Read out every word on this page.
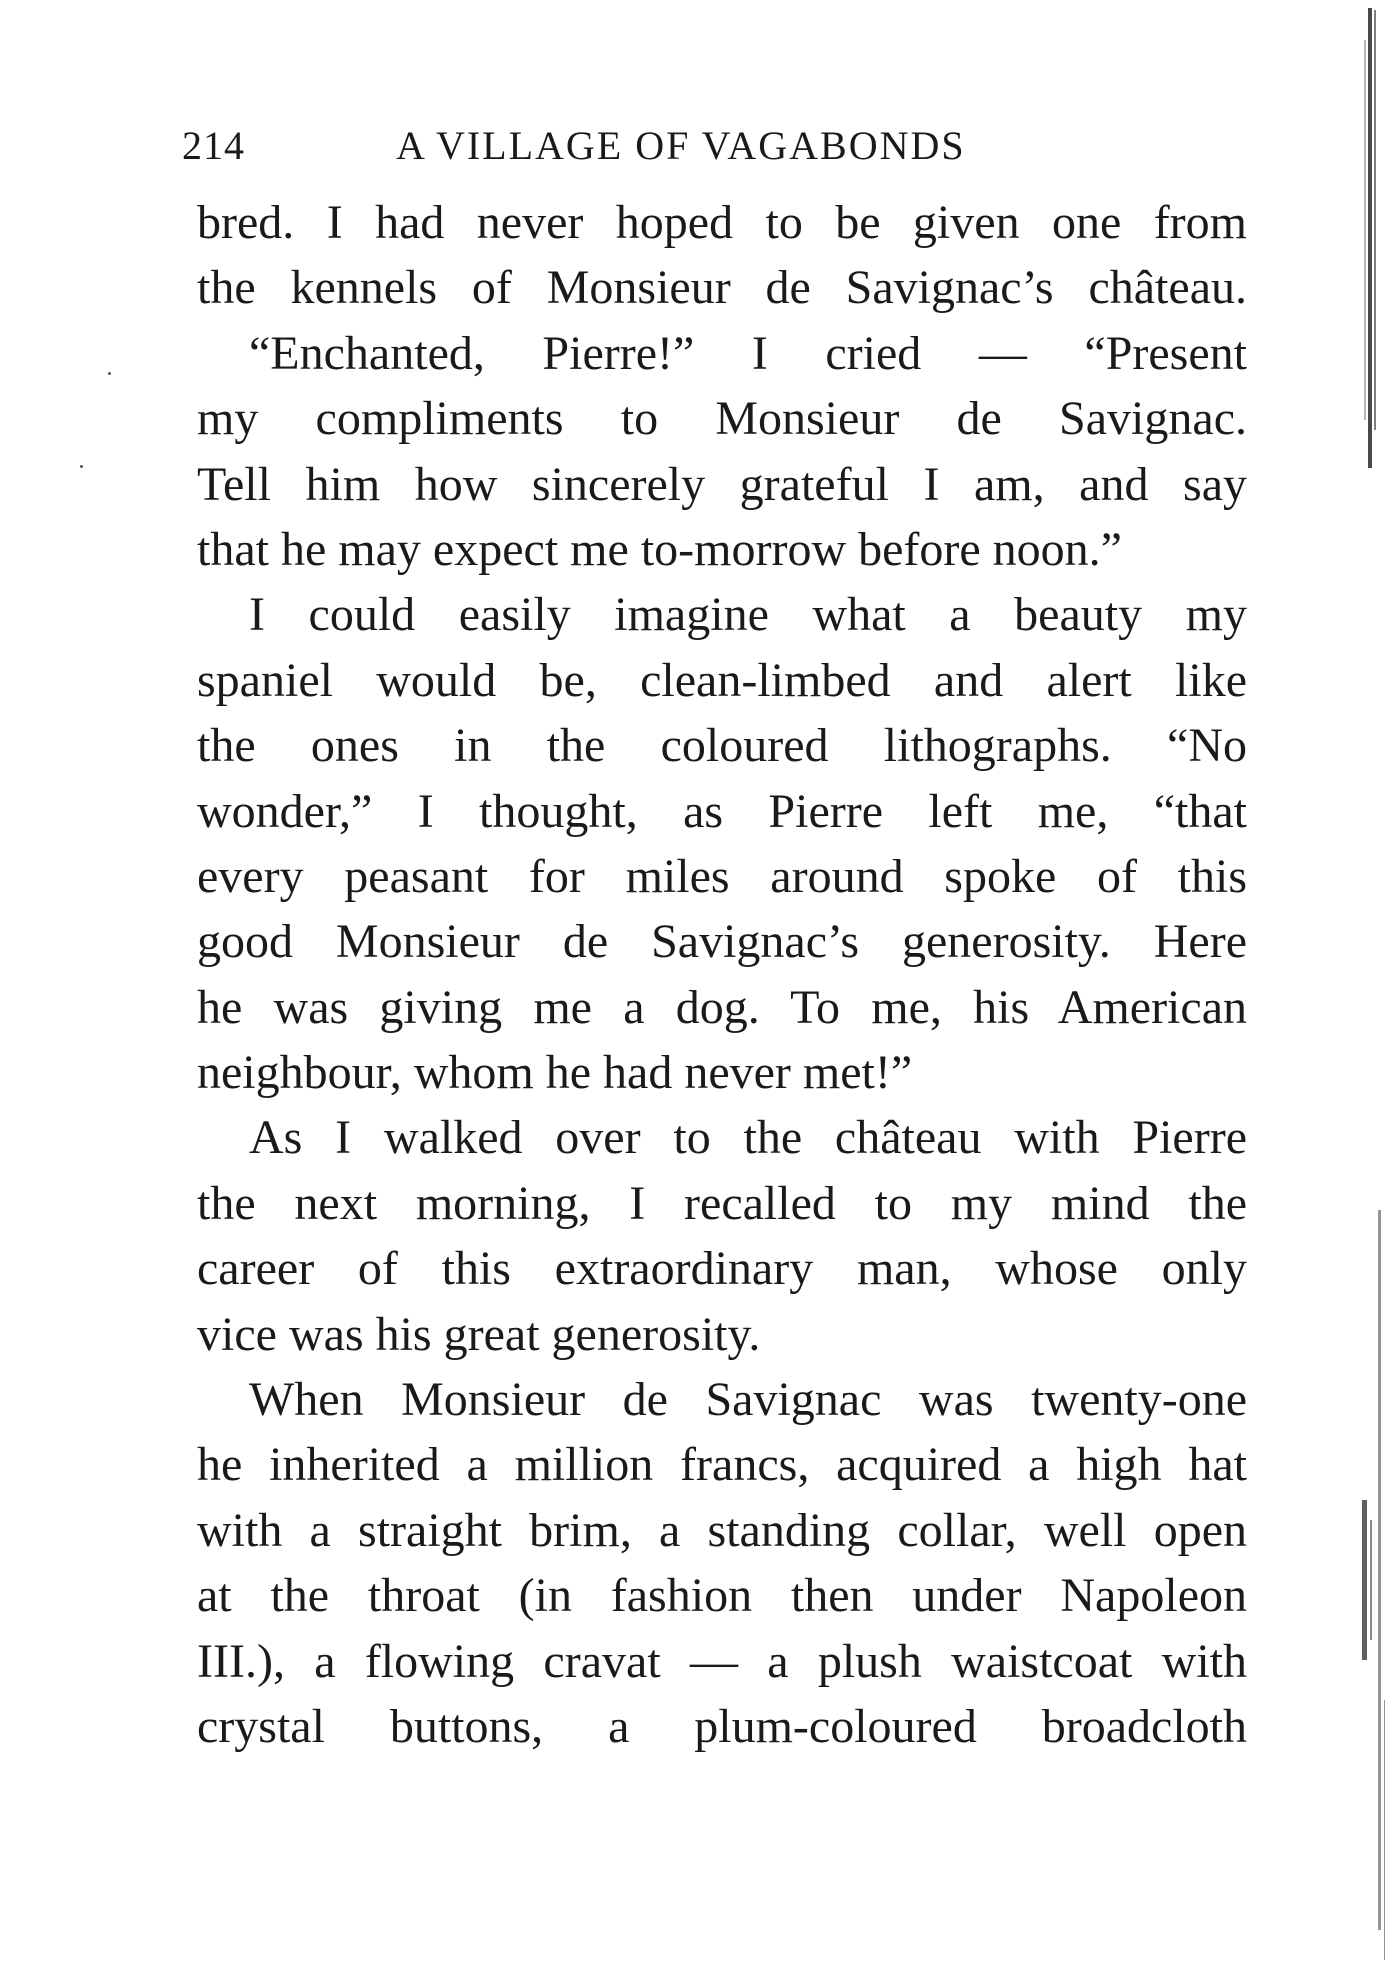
214	A VILLAGE OF VAGABONDS
bred. I had never hoped to be given one from
the kennels of Monsieur de Savignac’s château.
“Enchanted, Pierre!” I cried — “Present
my compliments to Monsieur de Savignac.
Tell him how sincerely grateful I am, and say
that he may expect me to-morrow before noon.”
I could easily imagine what a beauty my
spaniel would be, clean-limbed and alert like
the ones in the coloured lithographs. “No
wonder,” I thought, as Pierre left me, “that
every peasant for miles around spoke of this
good Monsieur de Savignac’s generosity. Here
he was giving me a dog. To me, his American
neighbour, whom he had never met!”
As I walked over to the château with Pierre
the next morning, I recalled to my mind the
career of this extraordinary man, whose only
vice was his great generosity.
When Monsieur de Savignac was twenty-one
he inherited a million francs, acquired a high hat
with a straight brim, a standing collar, well open
at the throat (in fashion then under Napoleon
III.), a flowing cravat — a plush waistcoat with
crystal buttons, a plum-coloured broadcloth
